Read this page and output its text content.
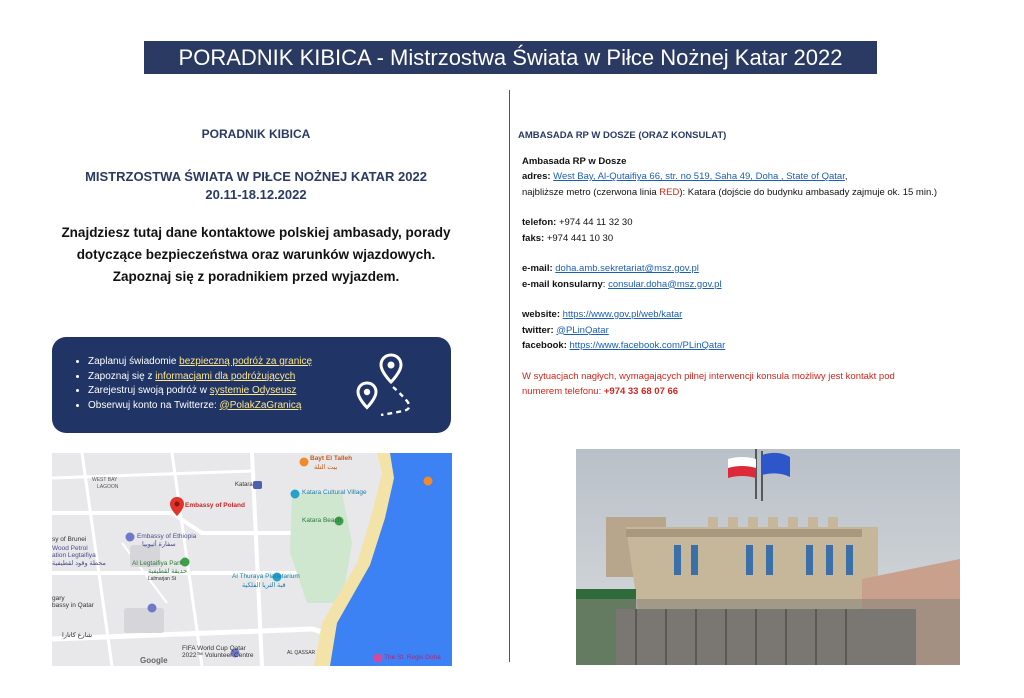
PORADNIK KIBICA - Mistrzostwa Świata w Piłce Nożnej Katar 2022
PORADNIK KIBICA
MISTRZOSTWA ŚWIATA W PIŁCE NOŻNEJ KATAR 2022
20.11-18.12.2022
Znajdziesz tutaj dane kontaktowe polskiej ambasady, porady
dotyczące bezpieczeństwa oraz warunków wjazdowych.
Zapoznaj się z poradnikiem przed wyjazdem.
• Zaplanuj świadomie bezpieczną podróż za granicę
• Zapoznaj się z informacjami dla podróżujących
• Zarejestruj swoją podróż w systemie Odyseusz
• Obserwuj konto na Twitterze: @PolakZaGranicą
Bayt El Talleh
بيت التلة
WEST BAY
LAGOON	Katara
Katara Cultural Village
Embassy of Poland
Katara Beach
Embassy of Ethiopia
سفارة أثيوبيا
sy of Brunei
Wood Petrol
ation Legtaifiya
محطة وقود لقطيفية	Al Legtaifiya Park
حديقة لقطيفية
Lalmarjan St	Al Thuraya Planetarium
قبة الثريا الفلكية
gary
bassy in Qatar
شارع كاتارا
FIFA World Cup Qatar
2022™ Volunteer Centre	AL QASSAR
The St. Regis Doha
Google
AMBASADA RP W DOSZE (ORAZ KONSULAT)
Ambasada RP w Dosze
adres: West Bay, Al-Qutaifiya 66, str. no 519, Saha 49, Doha , State of Qatar,
najbliższe metro (czerwona linia RED): Katara (dojście do budynku ambasady zajmuje ok. 15 min.)
telefon: +974 44 11 32 30
faks: +974 441 10 30
e-mail: doha.amb.sekretariat@msz.gov.pl
e-mail konsularny: consular.doha@msz.gov.pl
website: https://www.gov.pl/web/katar
twitter: @PLinQatar
facebook: https://www.facebook.com/PLinQatar
W sytuacjach nagłych, wymagających pilnej interwencji konsula możliwy jest kontakt pod
numerem telefonu: +974 33 68 07 66
